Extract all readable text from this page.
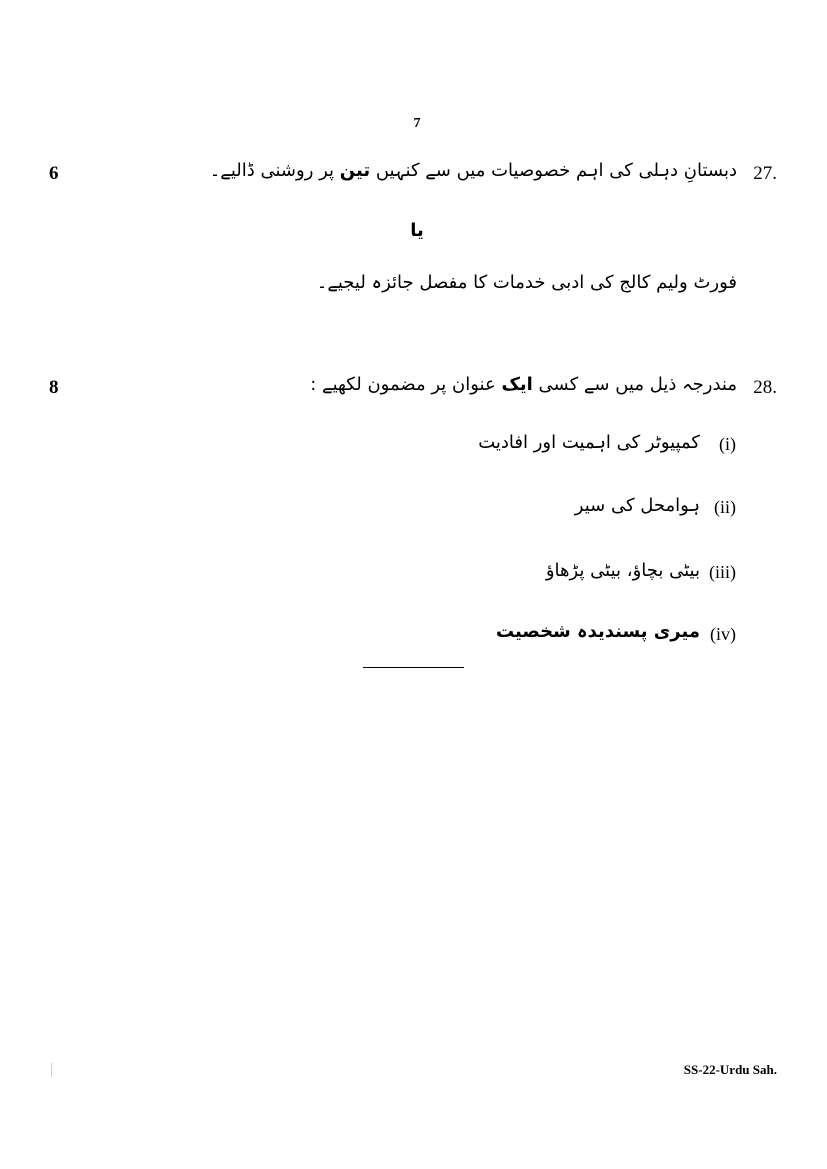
7
27.
6	دبستانِ دہلی کی اہم خصوصیات میں سے کنہیں تین پر روشنی ڈالیے۔
یا
فورٹ ولیم کالج کی ادبی خدمات کا مفصل جائزہ لیجیے۔
28.
8	مندرجہ ذیل میں سے کسی ایک عنوان پر مضمون لکھیے :
(i)
کمپیوٹر کی اہمیت اور افادیت
(ii)
ہوامحل کی سیر
(iii)
بیٹی بچاؤ، بیٹی پڑھاؤ
(iv)
میری پسندیدہ شخصیت
SS-22-Urdu Sah.
